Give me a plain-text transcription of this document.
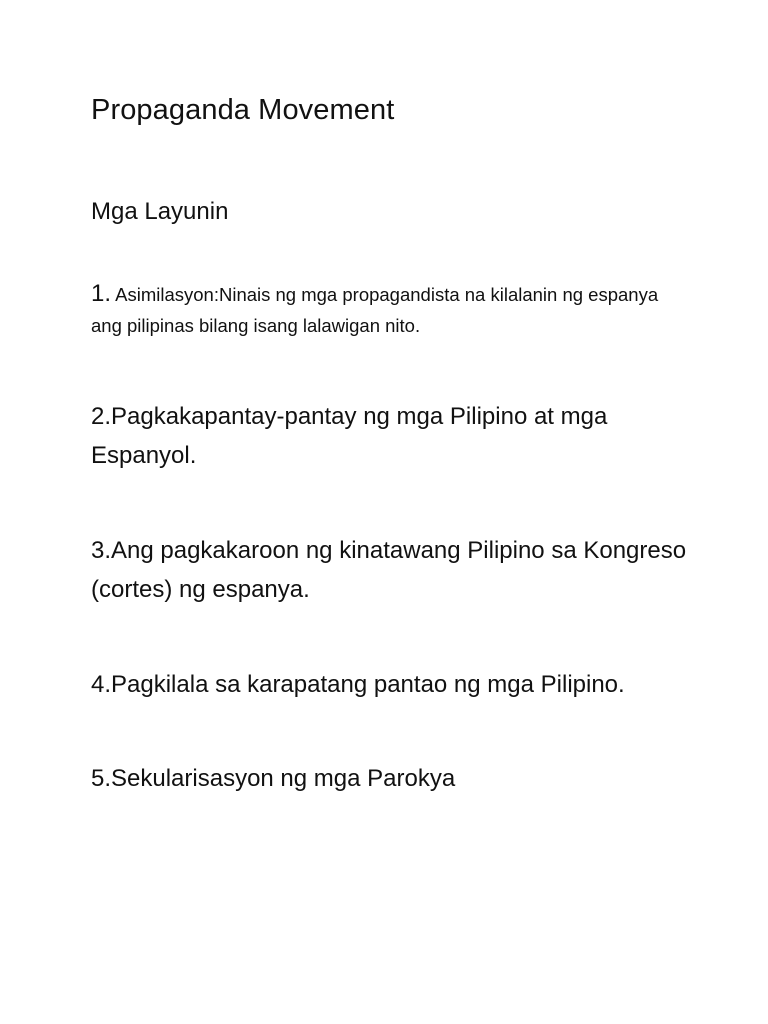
Propaganda Movement
Mga Layunin

1. Asimilasyon:Ninais ng mga propagandista na kilalanin ng espanya ang pilipinas bilang isang lalawigan nito.

2.Pagkakapantay-pantay ng mga Pilipino at mga Espanyol.

3.Ang pagkakaroon ng kinatawang Pilipino sa Kongreso (cortes) ng espanya.

4.Pagkilala sa karapatang pantao ng mga Pilipino.

5.Sekularisasyon ng mga Parokya
